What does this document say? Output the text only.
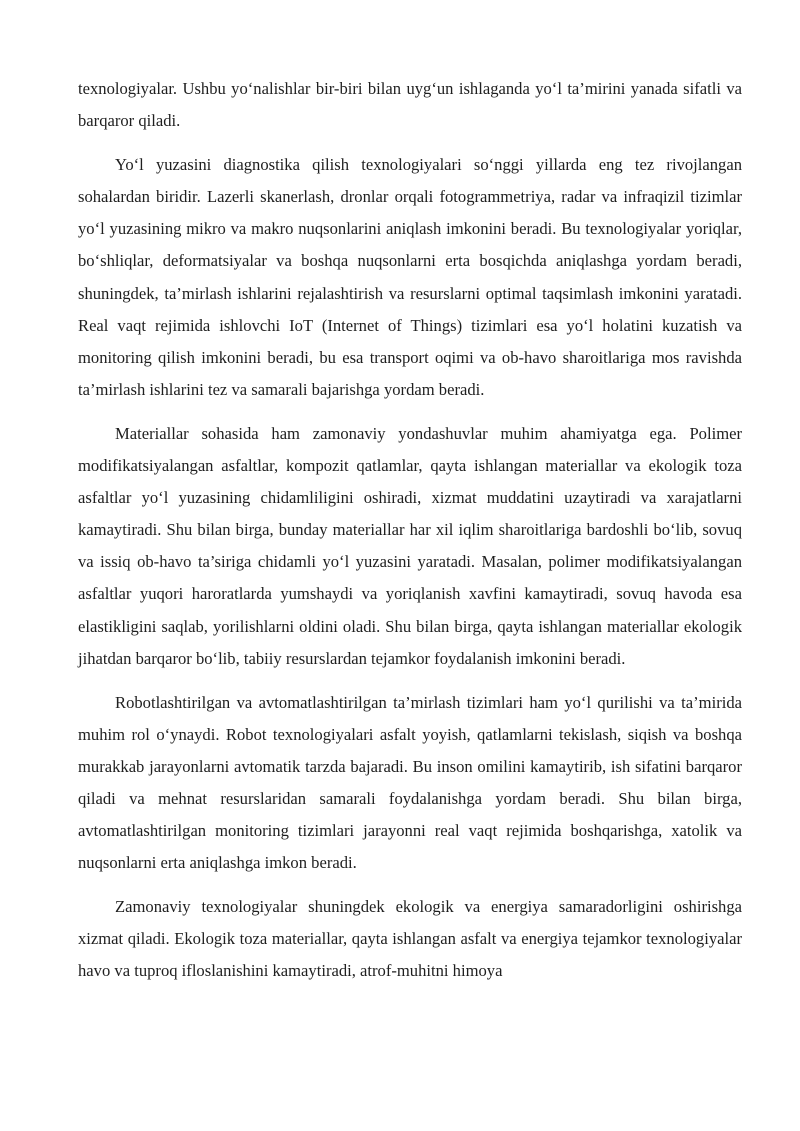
texnologiyalar. Ushbu yo‘nalishlar bir-biri bilan uyg‘un ishlaganda yo‘l ta’mirini yanada sifatli va barqaror qiladi.

Yo‘l yuzasini diagnostika qilish texnologiyalari so‘nggi yillarda eng tez rivojlangan sohalardan biridir. Lazerli skanerlash, dronlar orqali fotogrammetriya, radar va infraqizil tizimlar yo‘l yuzasining mikro va makro nuqsonlarini aniqlash imkonini beradi. Bu texnologiyalar yoriqlar, bo‘shliqlar, deformatsiyalar va boshqa nuqsonlarni erta bosqichda aniqlashga yordam beradi, shuningdek, ta’mirlash ishlarini rejalashtirish va resurslarni optimal taqsimlash imkonini yaratadi. Real vaqt rejimida ishlovchi IoT (Internet of Things) tizimlari esa yo‘l holatini kuzatish va monitoring qilish imkonini beradi, bu esa transport oqimi va ob-havo sharoitlariga mos ravishda ta’mirlash ishlarini tez va samarali bajarishga yordam beradi.

Materiallar sohasida ham zamonaviy yondashuvlar muhim ahamiyatga ega. Polimer modifikatsiyalangan asfaltlar, kompozit qatlamlar, qayta ishlangan materiallar va ekologik toza asfaltlar yo‘l yuzasining chidamliligini oshiradi, xizmat muddatini uzaytiradi va xarajatlarni kamaytiradi. Shu bilan birga, bunday materiallar har xil iqlim sharoitlariga bardoshli bo‘lib, sovuq va issiq ob-havo ta’siriga chidamli yo‘l yuzasini yaratadi. Masalan, polimer modifikatsiyalangan asfaltlar yuqori haroratlarda yumshaydi va yoriqlanish xavfini kamaytiradi, sovuq havoda esa elastikligini saqlab, yorilishlarni oldini oladi. Shu bilan birga, qayta ishlangan materiallar ekologik jihatdan barqaror bo‘lib, tabiiy resurslardan tejamkor foydalanish imkonini beradi.

Robotlashtirilgan va avtomatlashtirilgan ta’mirlash tizimlari ham yo‘l qurilishi va ta’mirida muhim rol o‘ynaydi. Robot texnologiyalari asfalt yoyish, qatlamlarni tekislash, siqish va boshqa murakkab jarayonlarni avtomatik tarzda bajaradi. Bu inson omilini kamaytirib, ish sifatini barqaror qiladi va mehnat resurslaridan samarali foydalanishga yordam beradi. Shu bilan birga, avtomatlashtirilgan monitoring tizimlari jarayonni real vaqt rejimida boshqarishga, xatolik va nuqsonlarni erta aniqlashga imkon beradi.

Zamonaviy texnologiyalar shuningdek ekologik va energiya samaradorligini oshirishga xizmat qiladi. Ekologik toza materiallar, qayta ishlangan asfalt va energiya tejamkor texnologiyalar havo va tuproq ifloslanishini kamaytiradi, atrof-muhitni himoya
